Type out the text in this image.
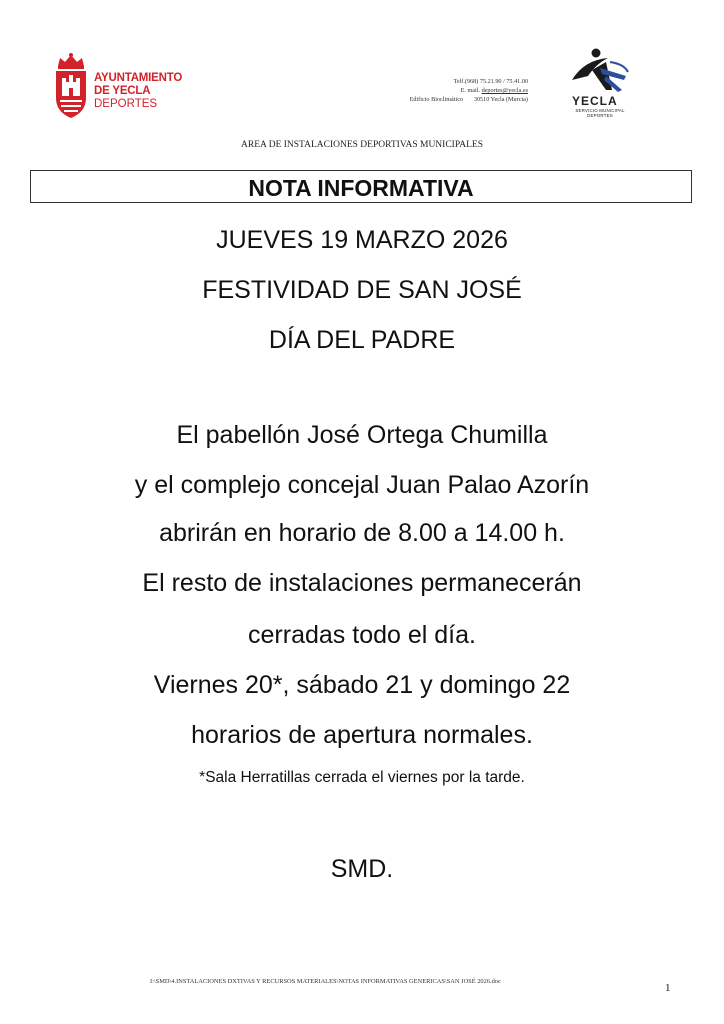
AYUNTAMIENTO
DE YECLA
DEPORTES
Telf.(968) 75.21.90 / 75.41.00
E. mail. deportes@yecla.es
Edificio Bioclimático       30510 Yecla (Murcia)	YECLA
SERVICIO MUNICIPAL
DEPORTES
AREA DE INSTALACIONES DEPORTIVAS MUNICIPALES
NOTA INFORMATIVA
JUEVES 19 MARZO 2026
FESTIVIDAD DE SAN JOSÉ
DÍA DEL PADRE
El pabellón José Ortega Chumilla
y el complejo concejal Juan Palao Azorín
abrirán en horario de 8.00 a 14.00 h.
El resto de instalaciones permanecerán
cerradas todo el día.
Viernes 20*, sábado 21 y domingo 22
horarios de apertura normales.
*Sala Herratillas cerrada el viernes por la tarde.
SMD.
I:\SMD\4.INSTALACIONES DXTIVAS Y RECURSOS MATERIALES\NOTAS INFORMATIVAS GENERICAS\SAN JOSÉ 2026.doc
1
